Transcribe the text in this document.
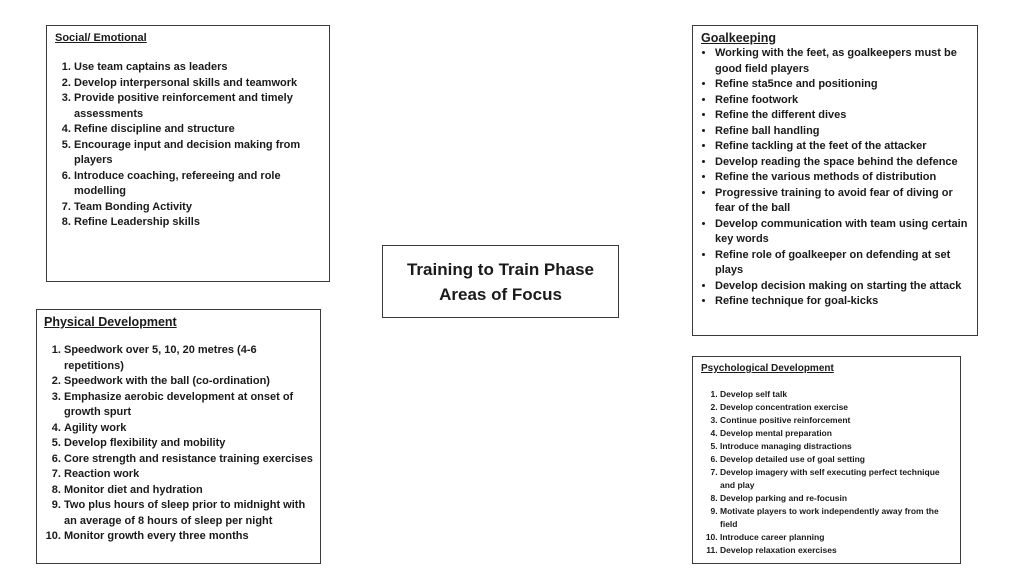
Social/ Emotional
1. Use team captains as leaders
2. Develop interpersonal skills and teamwork
3. Provide positive reinforcement and timely assessments
4. Refine discipline and structure
5. Encourage input and decision making from players
6. Introduce coaching, refereeing and role modelling
7. Team Bonding Activity
8. Refine Leadership skills
Physical Development
1. Speedwork over 5, 10, 20 metres (4-6 repetitions)
2. Speedwork with the ball (co-ordination)
3. Emphasize aerobic development at onset of growth spurt
4. Agility work
5. Develop flexibility and mobility
6. Core strength and resistance training exercises
7. Reaction work
8. Monitor diet and hydration
9. Two plus hours of sleep prior to midnight with an average of 8 hours of sleep per night
10. Monitor growth every three months
Training to Train Phase Areas of Focus
Goalkeeping
• Working with the feet, as goalkeepers must be good field players
• Refine sta5nce and positioning
• Refine footwork
• Refine the different dives
• Refine ball handling
• Refine tackling at the feet of the attacker
• Develop reading the space behind the defence
• Refine the various methods of distribution
• Progressive training to avoid fear of diving or fear of the ball
• Develop communication with team using certain key words
• Refine role of goalkeeper on defending at set plays
• Develop decision making on starting the attack
• Refine technique for goal-kicks
Psychological Development
1. Develop self talk
2. Develop concentration exercise
3. Continue positive reinforcement
4. Develop mental preparation
5. Introduce managing distractions
6. Develop detailed use of goal setting
7. Develop imagery with self executing perfect technique and play
8. Develop parking and re-focusin
9. Motivate players to work independently away from the field
10. Introduce career planning
11. Develop relaxation exercises
